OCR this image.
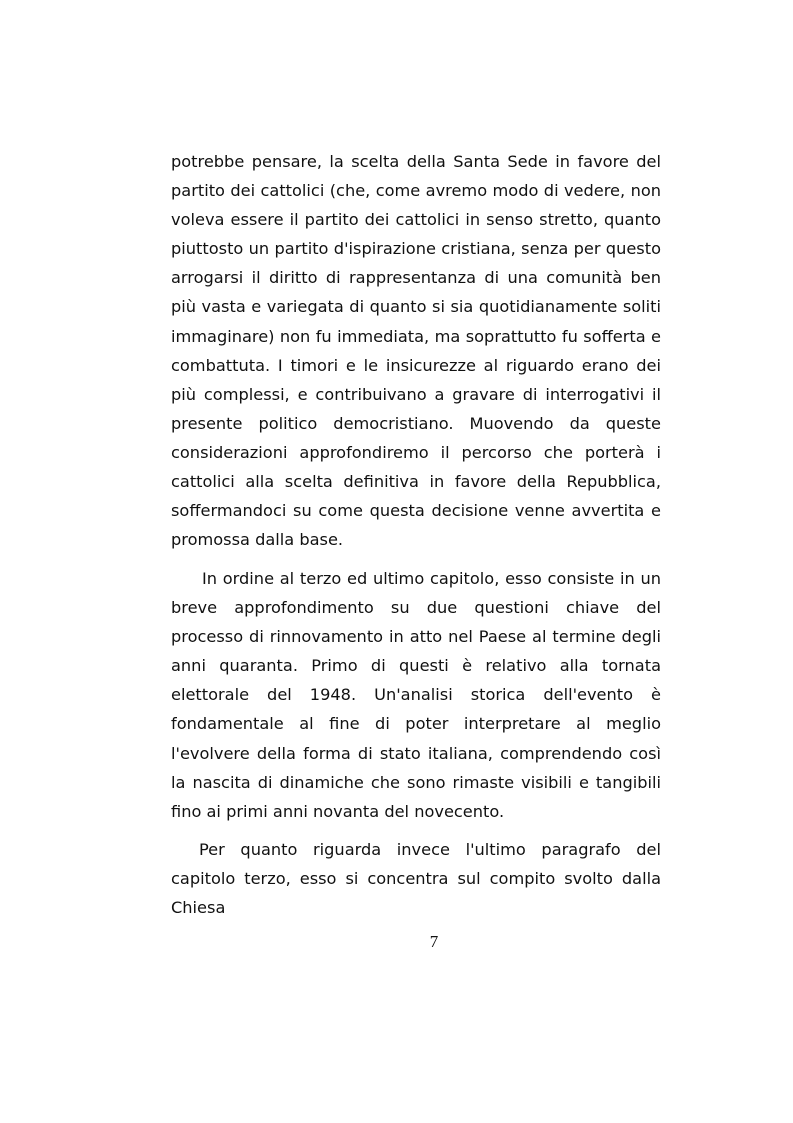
potrebbe pensare, la scelta della Santa Sede in favore del partito dei cattolici (che, come avremo modo di vedere, non voleva essere il partito dei cattolici in senso stretto, quanto piuttosto un partito d'ispirazione cristiana, senza per questo arrogarsi il diritto di rappresentanza di una comunità ben più vasta e variegata di quanto si sia quotidianamente soliti immaginare) non fu immediata, ma soprattutto fu sofferta e combattuta. I timori e le insicurezze al riguardo erano dei più complessi, e contribuivano a gravare di interrogativi il presente politico democristiano. Muovendo da queste considerazioni approfondiremo il percorso che porterà i cattolici alla scelta definitiva in favore della Repubblica, soffermandoci su come questa decisione venne avvertita e promossa dalla base.

In ordine al terzo ed ultimo capitolo, esso consiste in un breve approfondimento su due questioni chiave del processo di rinnovamento in atto nel Paese al termine degli anni quaranta. Primo di questi è relativo alla tornata elettorale del 1948. Un'analisi storica dell'evento è fondamentale al fine di poter interpretare al meglio l'evolvere della forma di stato italiana, comprendendo così la nascita di dinamiche che sono rimaste visibili e tangibili fino ai primi anni novanta del novecento.

Per quanto riguarda invece l'ultimo paragrafo del capitolo terzo, esso si concentra sul compito svolto dalla Chiesa

7
